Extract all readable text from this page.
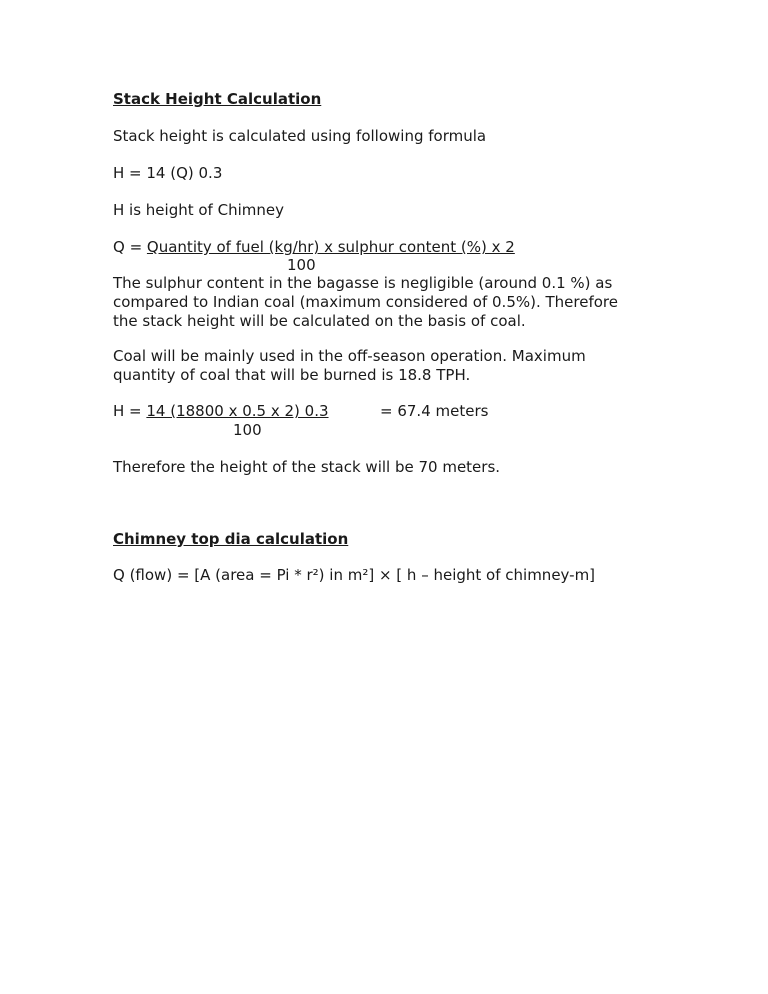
Stack Height Calculation
Stack height is calculated using following formula
H = 14 (Q) 0.3
H is height of Chimney
Q = Quantity of fuel (kg/hr) x sulphur content (%) x 2
100
The sulphur content in the bagasse is negligible (around 0.1 %) as
compared to Indian coal (maximum considered of 0.5%). Therefore
the stack height will be calculated on the basis of coal.
Coal will be mainly used in the off-season operation. Maximum
quantity of coal that will be burned is 18.8 TPH.
H = 14 (18800 x 0.5 x 2) 0.3	= 67.4 meters
100
Therefore the height of the stack will be 70 meters.
Chimney top dia calculation
Q (flow) = [A (area = Pi * r²) in m²] × [ h – height of chimney-m]
